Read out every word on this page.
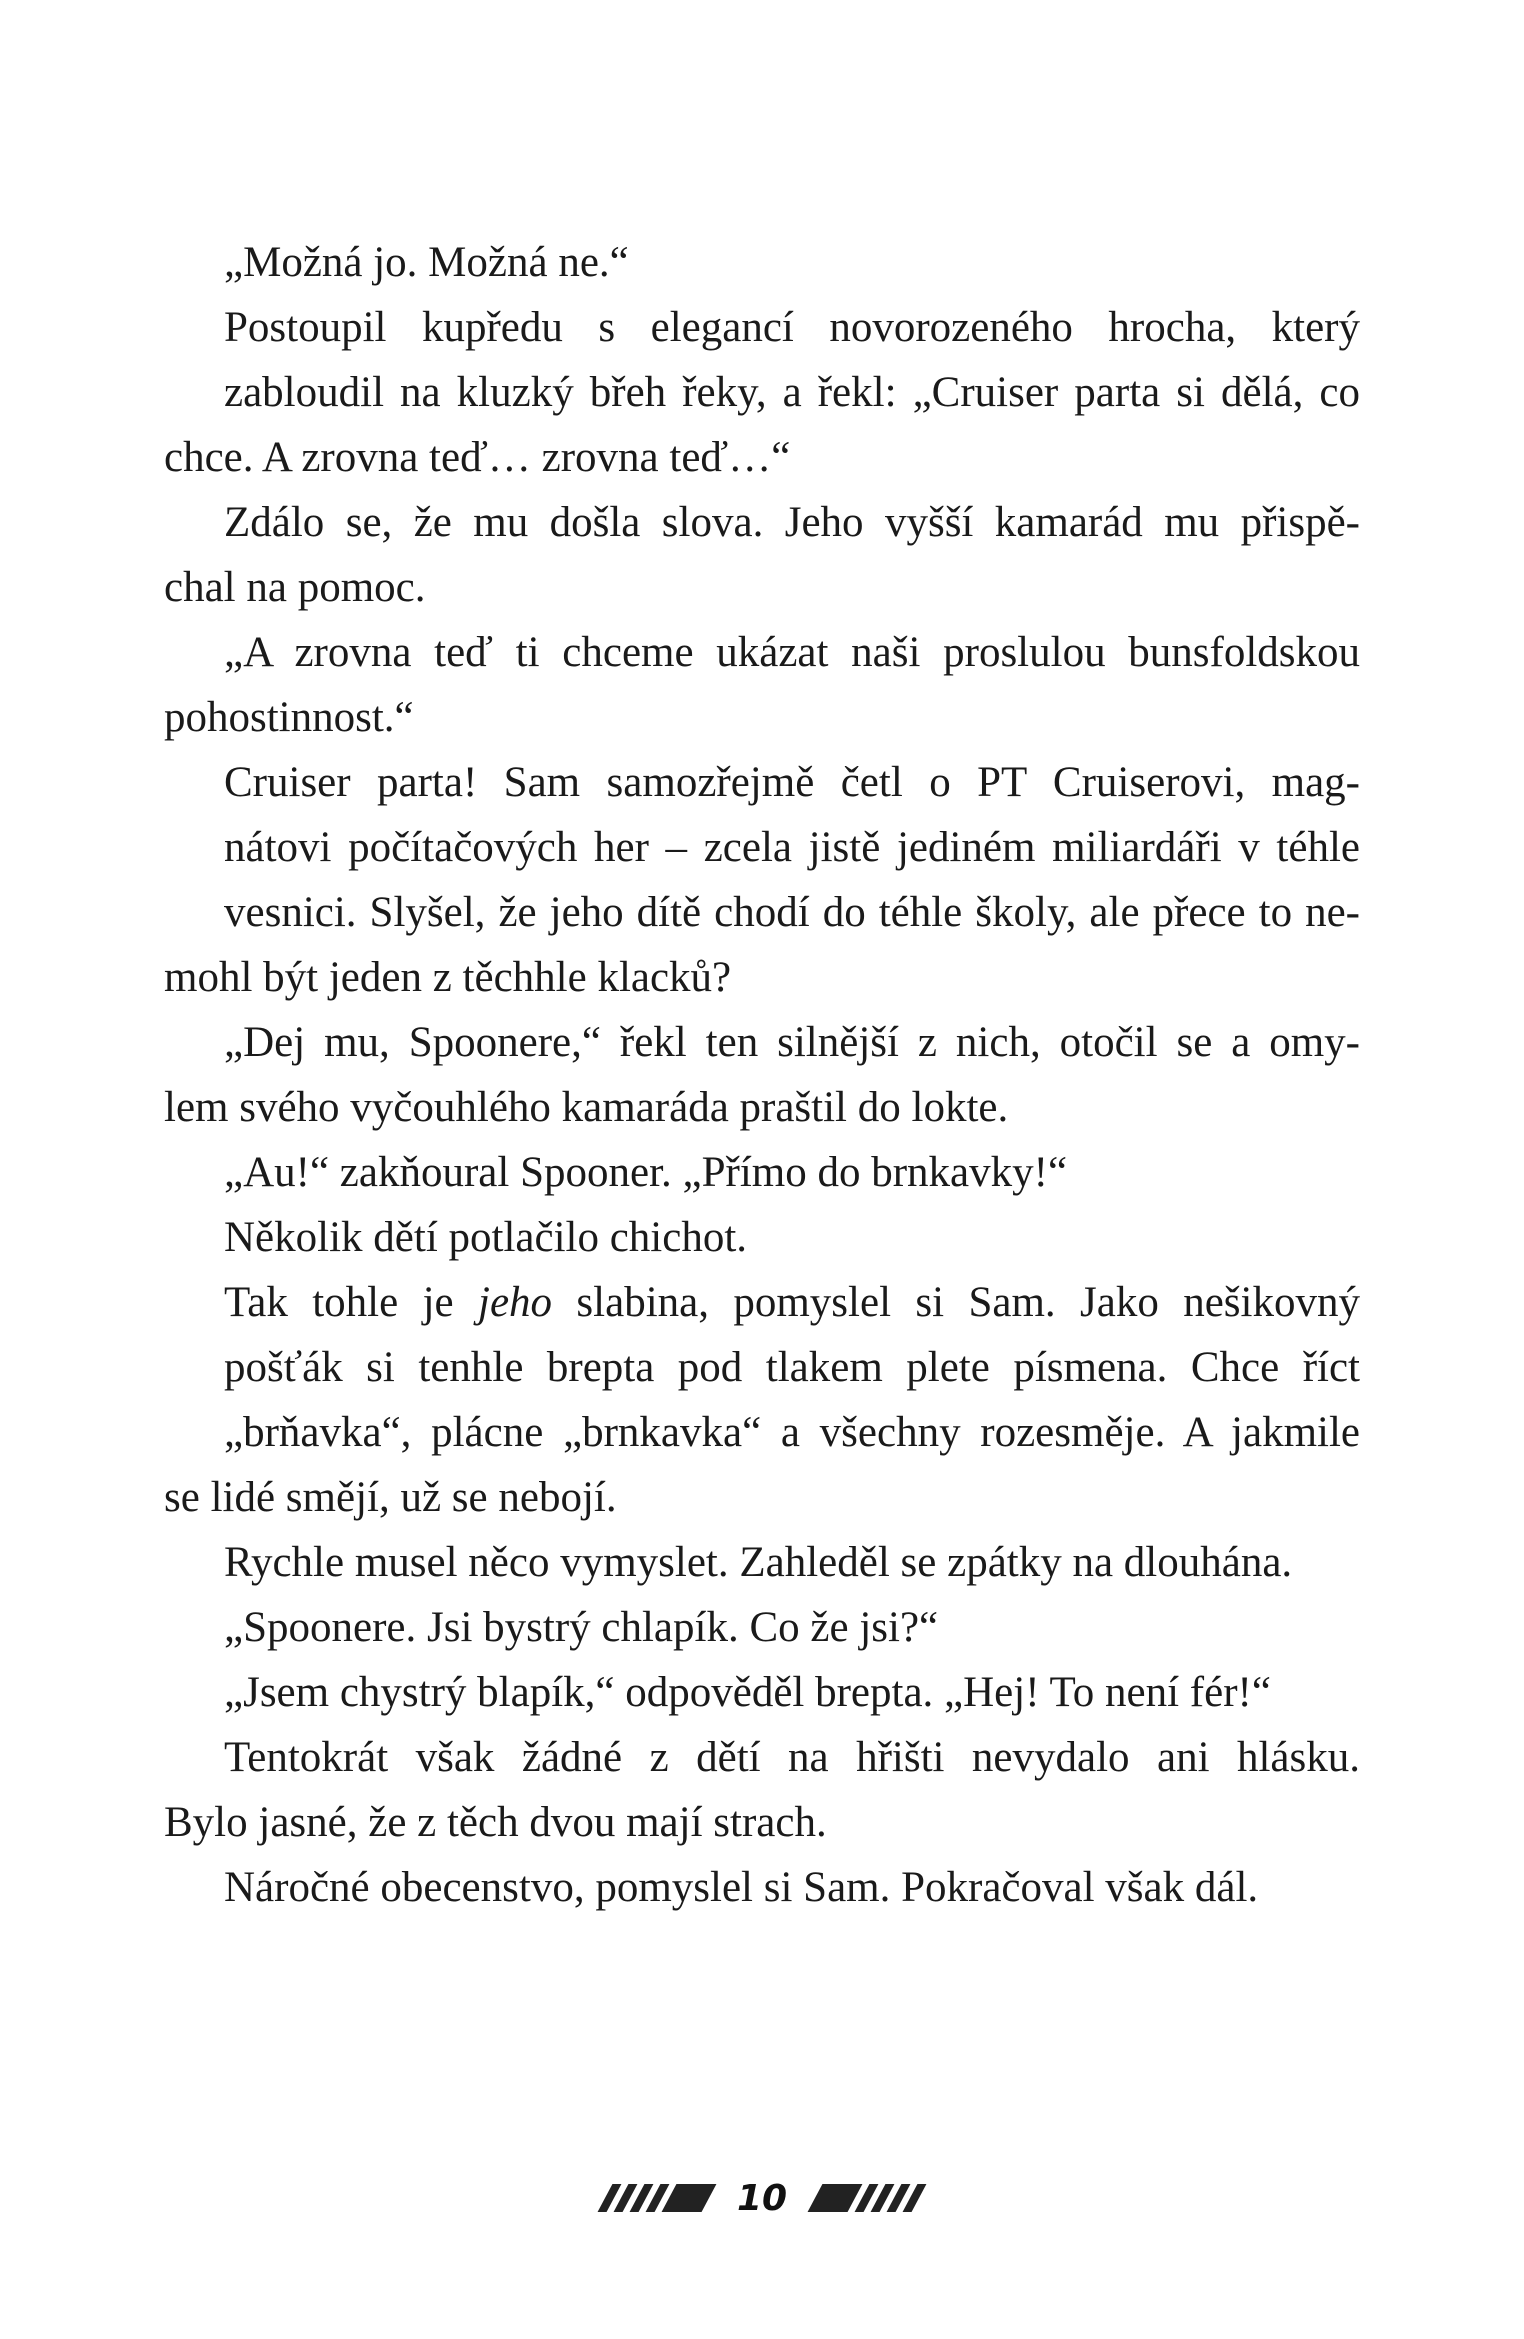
„Možná jo. Možná ne.“
Postoupil kupředu s elegancí novorozeného hrocha, který
zabloudil na kluzký břeh řeky, a řekl: „Cruiser parta si dělá, co
chce. A zrovna teď… zrovna teď…“
Zdálo se, že mu došla slova. Jeho vyšší kamarád mu přispě-
chal na pomoc.
„A zrovna teď ti chceme ukázat naši proslulou bunsfoldskou
pohostinnost.“
Cruiser parta! Sam samozřejmě četl o PT Cruiserovi, mag-
nátovi počítačových her – zcela jistě jediném miliardáři v téhle
vesnici. Slyšel, že jeho dítě chodí do téhle školy, ale přece to ne-
mohl být jeden z těchhle klacků?
„Dej mu, Spoonere,“ řekl ten silnější z nich, otočil se a omy-
lem svého vyčouhlého kamaráda praštil do lokte.
„Au!“ zakňoural Spooner. „Přímo do brnkavky!“
Několik dětí potlačilo chichot.
Tak tohle je jeho slabina, pomyslel si Sam. Jako nešikovný
pošťák si tenhle brepta pod tlakem plete písmena. Chce říct
„brňavka“, plácne „brnkavka“ a všechny rozesměje. A jakmile
se lidé smějí, už se nebojí.
Rychle musel něco vymyslet. Zahleděl se zpátky na dlouhána.
„Spoonere. Jsi bystrý chlapík. Co že jsi?“
„Jsem chystrý blapík,“ odpověděl brepta. „Hej! To není fér!“
Tentokrát však žádné z dětí na hřišti nevydalo ani hlásku.
Bylo jasné, že z těch dvou mají strach.
Náročné obecenstvo, pomyslel si Sam. Pokračoval však dál.
10
